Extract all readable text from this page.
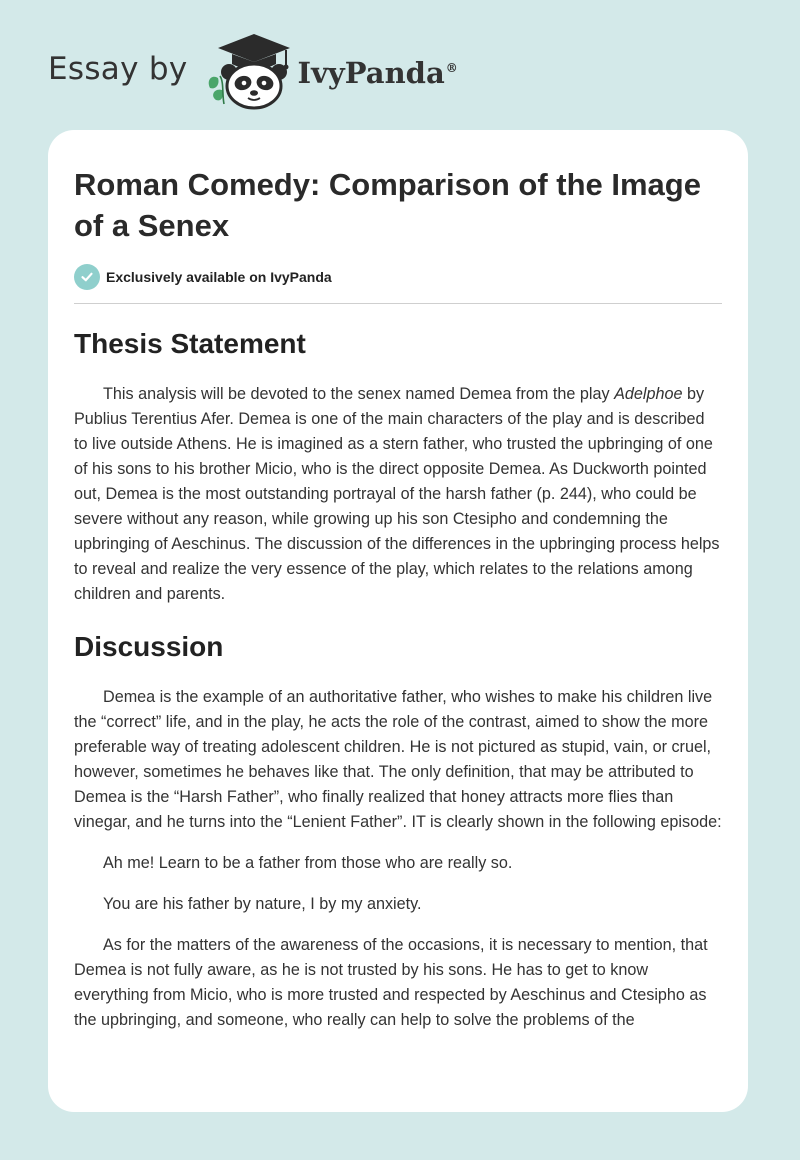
Essay by	IvyPanda®
Roman Comedy: Comparison of the Image of a Senex
Exclusively available on IvyPanda
Thesis Statement

This analysis will be devoted to the senex named Demea from the play Adelphoe by Publius Terentius Afer. Demea is one of the main characters of the play and is described to live outside Athens. He is imagined as a stern father, who trusted the upbringing of one of his sons to his brother Micio, who is the direct opposite Demea. As Duckworth pointed out, Demea is the most outstanding portrayal of the harsh father (p. 244), who could be severe without any reason, while growing up his son Ctesipho and condemning the upbringing of Aeschinus. The discussion of the differences in the upbringing process helps to reveal and realize the very essence of the play, which relates to the relations among children and parents.

Discussion

Demea is the example of an authoritative father, who wishes to make his children live the “correct” life, and in the play, he acts the role of the contrast, aimed to show the more preferable way of treating adolescent children. He is not pictured as stupid, vain, or cruel, however, sometimes he behaves like that. The only definition, that may be attributed to Demea is the “Harsh Father”, who finally realized that honey attracts more flies than vinegar, and he turns into the “Lenient Father”. IT is clearly shown in the following episode:

Ah me! Learn to be a father from those who are really so.

You are his father by nature, I by my anxiety.

As for the matters of the awareness of the occasions, it is necessary to mention, that Demea is not fully aware, as he is not trusted by his sons. He has to get to know everything from Micio, who is more trusted and respected by Aeschinus and Ctesipho as the upbringing, and someone, who really can help to solve the problems of the
